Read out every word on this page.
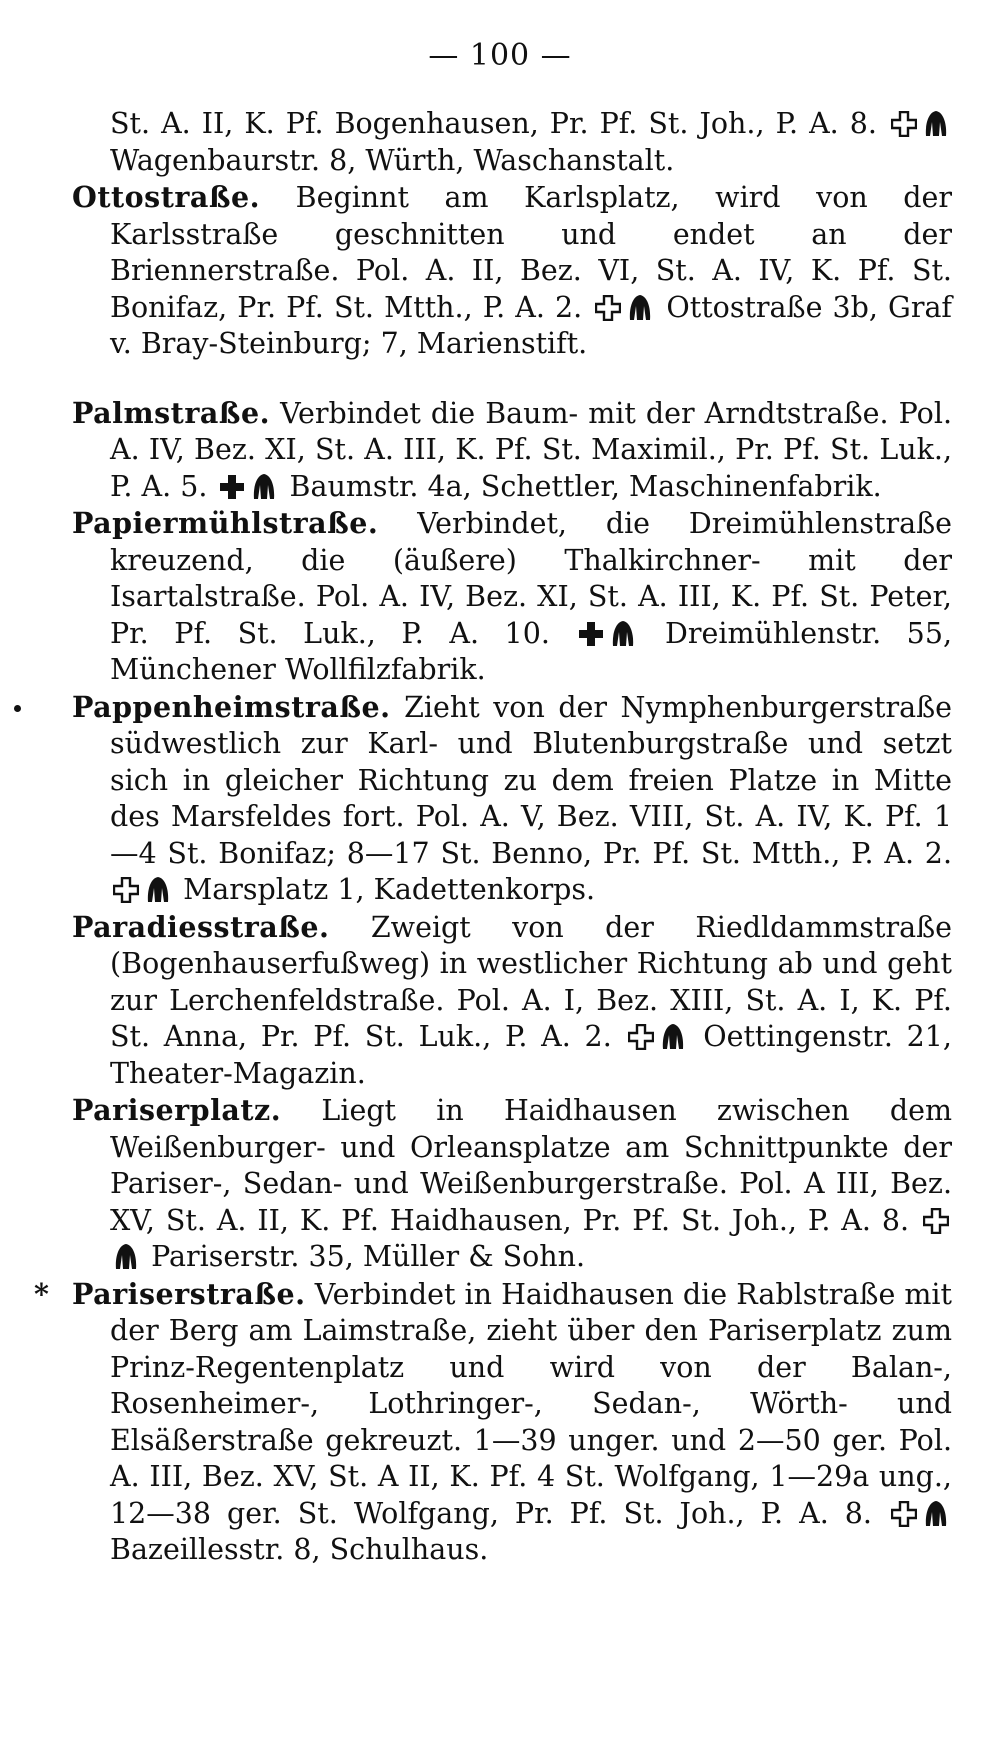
— 100 —
St. A. II, K. Pf. Bogenhausen, Pr. Pf. St. Joh., P. A. 8.
Wagenbaurstr. 8, Würth, Waschanstalt.
Ottostraße. Beginnt am Karlsplatz, wird von der Karlsstraße geschnitten und endet an der Briennerstraße. Pol. A. II, Bez. VI, St. A. IV, K. Pf. St. Bonifaz, Pr. Pf. St. Mtth., P. A. 2.	Ottostraße 3b, Graf v. Bray-Steinburg; 7, Marienstift.
Palmstraße. Verbindet die Baum- mit der Arndtstraße. Pol. A. IV, Bez. XI, St. A. III, K. Pf. St. Maximil., Pr. Pf. St. Luk., P. A. 5.	Baumstr. 4a, Schettler, Maschinenfabrik.
Papiermühlstraße. Verbindet, die Dreimühlenstraße kreuzend, die (äußere) Thalkirchner- mit der Isartalstraße. Pol. A. IV, Bez. XI, St. A. III, K. Pf. St. Peter, Pr. Pf. St. Luk., P. A. 10.	Dreimühlenstr. 55, Münchener Wollfilzfabrik.
Pappenheimstraße. Zieht von der Nymphenburgerstraße südwestlich zur Karl- und Blutenburgstraße und setzt sich in gleicher Richtung zu dem freien Platze in Mitte des Marsfeldes fort. Pol. A. V, Bez. VIII, St. A. IV, K. Pf. 1—4 St. Bonifaz; 8—17 St. Benno, Pr. Pf. St. Mtth., P. A. 2.
Marsplatz 1, Kadettenkorps.
Paradiesstraße. Zweigt von der Riedldammstraße (Bogenhauserfußweg) in westlicher Richtung ab und geht zur Lerchenfeldstraße. Pol. A. I, Bez. XIII, St. A. I, K. Pf. St. Anna, Pr. Pf. St. Luk., P. A. 2.	Oettingenstr. 21, Theater-Magazin.
Pariserplatz. Liegt in Haidhausen zwischen dem Weißenburger- und Orleansplatze am Schnittpunkte der Pariser-, Sedan- und Weißenburgerstraße. Pol. A III, Bez. XV, St. A. II, K. Pf. Haidhausen, Pr. Pf. St. Joh., P. A. 8.
Pariserstr. 35, Müller & Sohn.
* Pariserstraße. Verbindet in Haidhausen die Rablstraße mit der Berg am Laimstraße, zieht über den Pariserplatz zum Prinz-Regentenplatz und wird von der Balan-, Rosenheimer-, Lothringer-, Sedan-, Wörth- und Elsäßerstraße gekreuzt. 1—39 unger. und 2—50 ger. Pol. A. III, Bez. XV, St. A II, K. Pf. 4 St. Wolfgang, 1—29a ung., 12—38 ger. St. Wolfgang, Pr. Pf. St. Joh., P. A. 8.
Bazeillesstr. 8, Schulhaus.
